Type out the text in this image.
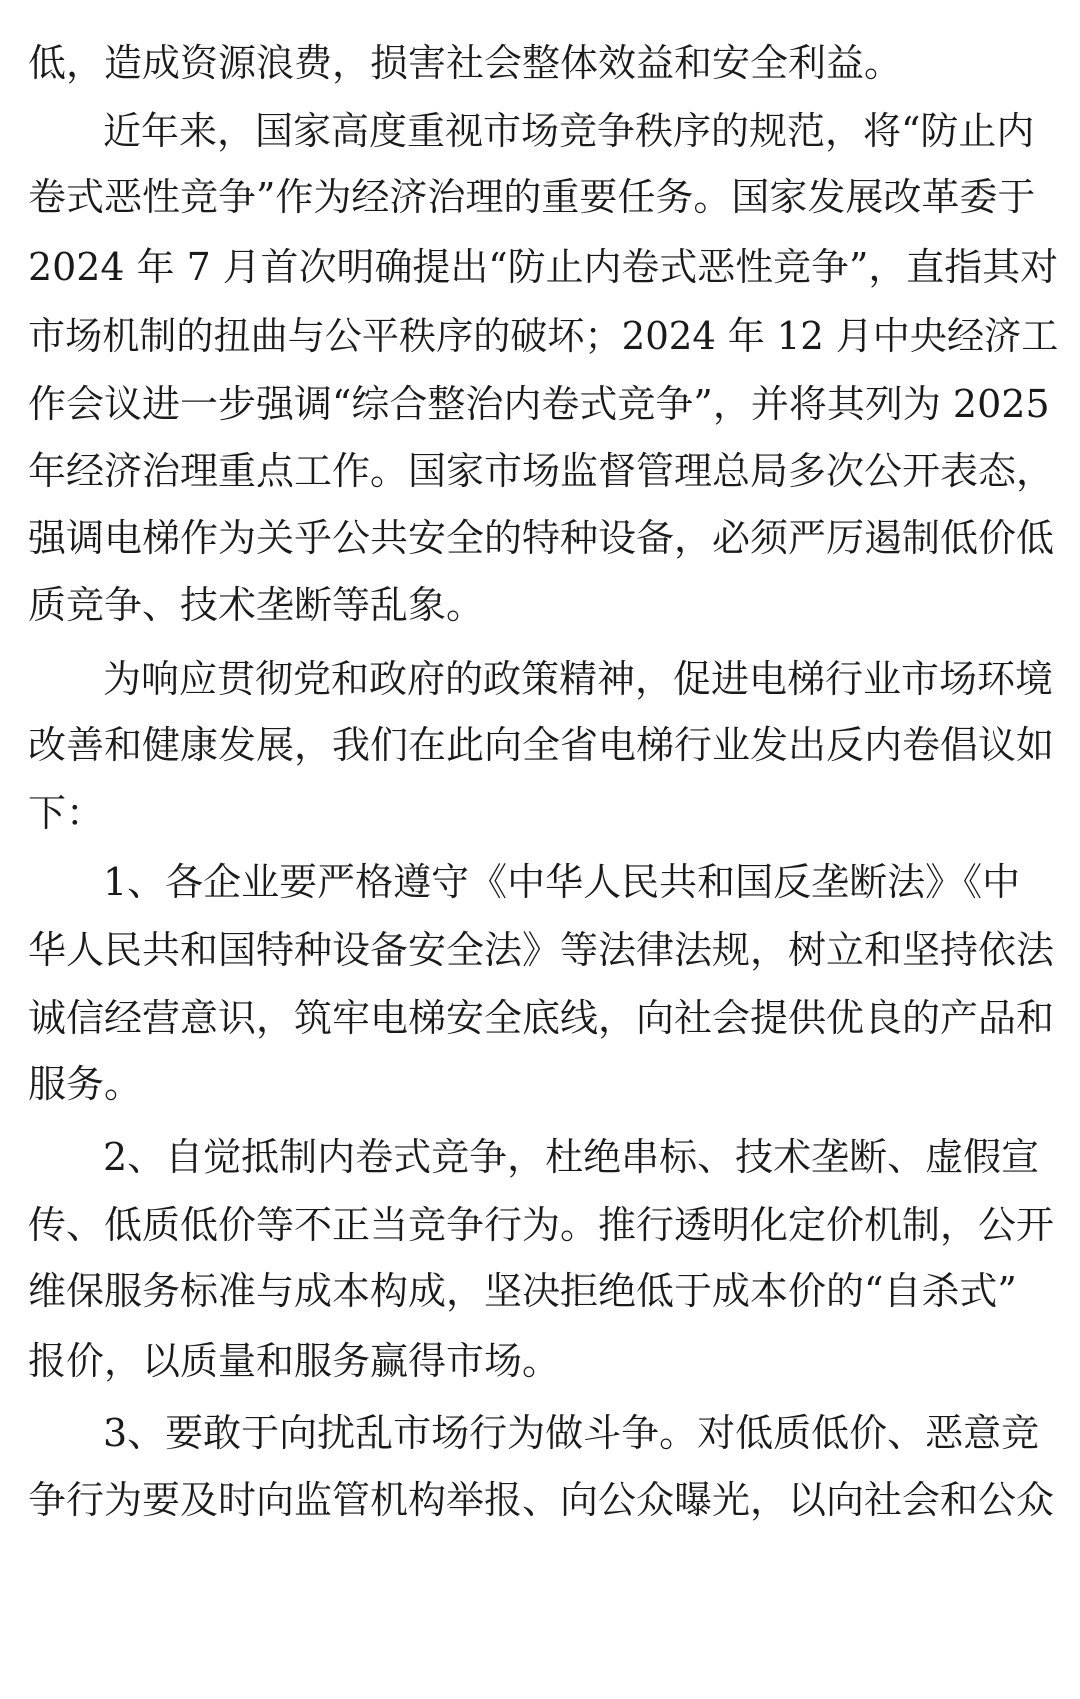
低，造成资源浪费，损害社会整体效益和安全利益。
近年来，国家高度重视市场竞争秩序的规范，将“防止内
卷式恶性竞争”作为经济治理的重要任务。国家发展改革委于
2024 年 7 月首次明确提出“防止内卷式恶性竞争”，直指其对
市场机制的扭曲与公平秩序的破坏；2024 年 12 月中央经济工
作会议进一步强调“综合整治内卷式竞争”，并将其列为 2025
年经济治理重点工作。国家市场监督管理总局多次公开表态，
强调电梯作为关乎公共安全的特种设备，必须严厉遏制低价低
质竞争、技术垄断等乱象。
为响应贯彻党和政府的政策精神，促进电梯行业市场环境
改善和健康发展，我们在此向全省电梯行业发出反内卷倡议如
下：
1、各企业要严格遵守《中华人民共和国反垄断法》《中
华人民共和国特种设备安全法》等法律法规，树立和坚持依法
诚信经营意识，筑牢电梯安全底线，向社会提供优良的产品和
服务。
2、自觉抵制内卷式竞争，杜绝串标、技术垄断、虚假宣
传、低质低价等不正当竞争行为。推行透明化定价机制，公开
维保服务标准与成本构成，坚决拒绝低于成本价的“自杀式”
报价，以质量和服务赢得市场。
3、要敢于向扰乱市场行为做斗争。对低质低价、恶意竞
争行为要及时向监管机构举报、向公众曝光，以向社会和公众
